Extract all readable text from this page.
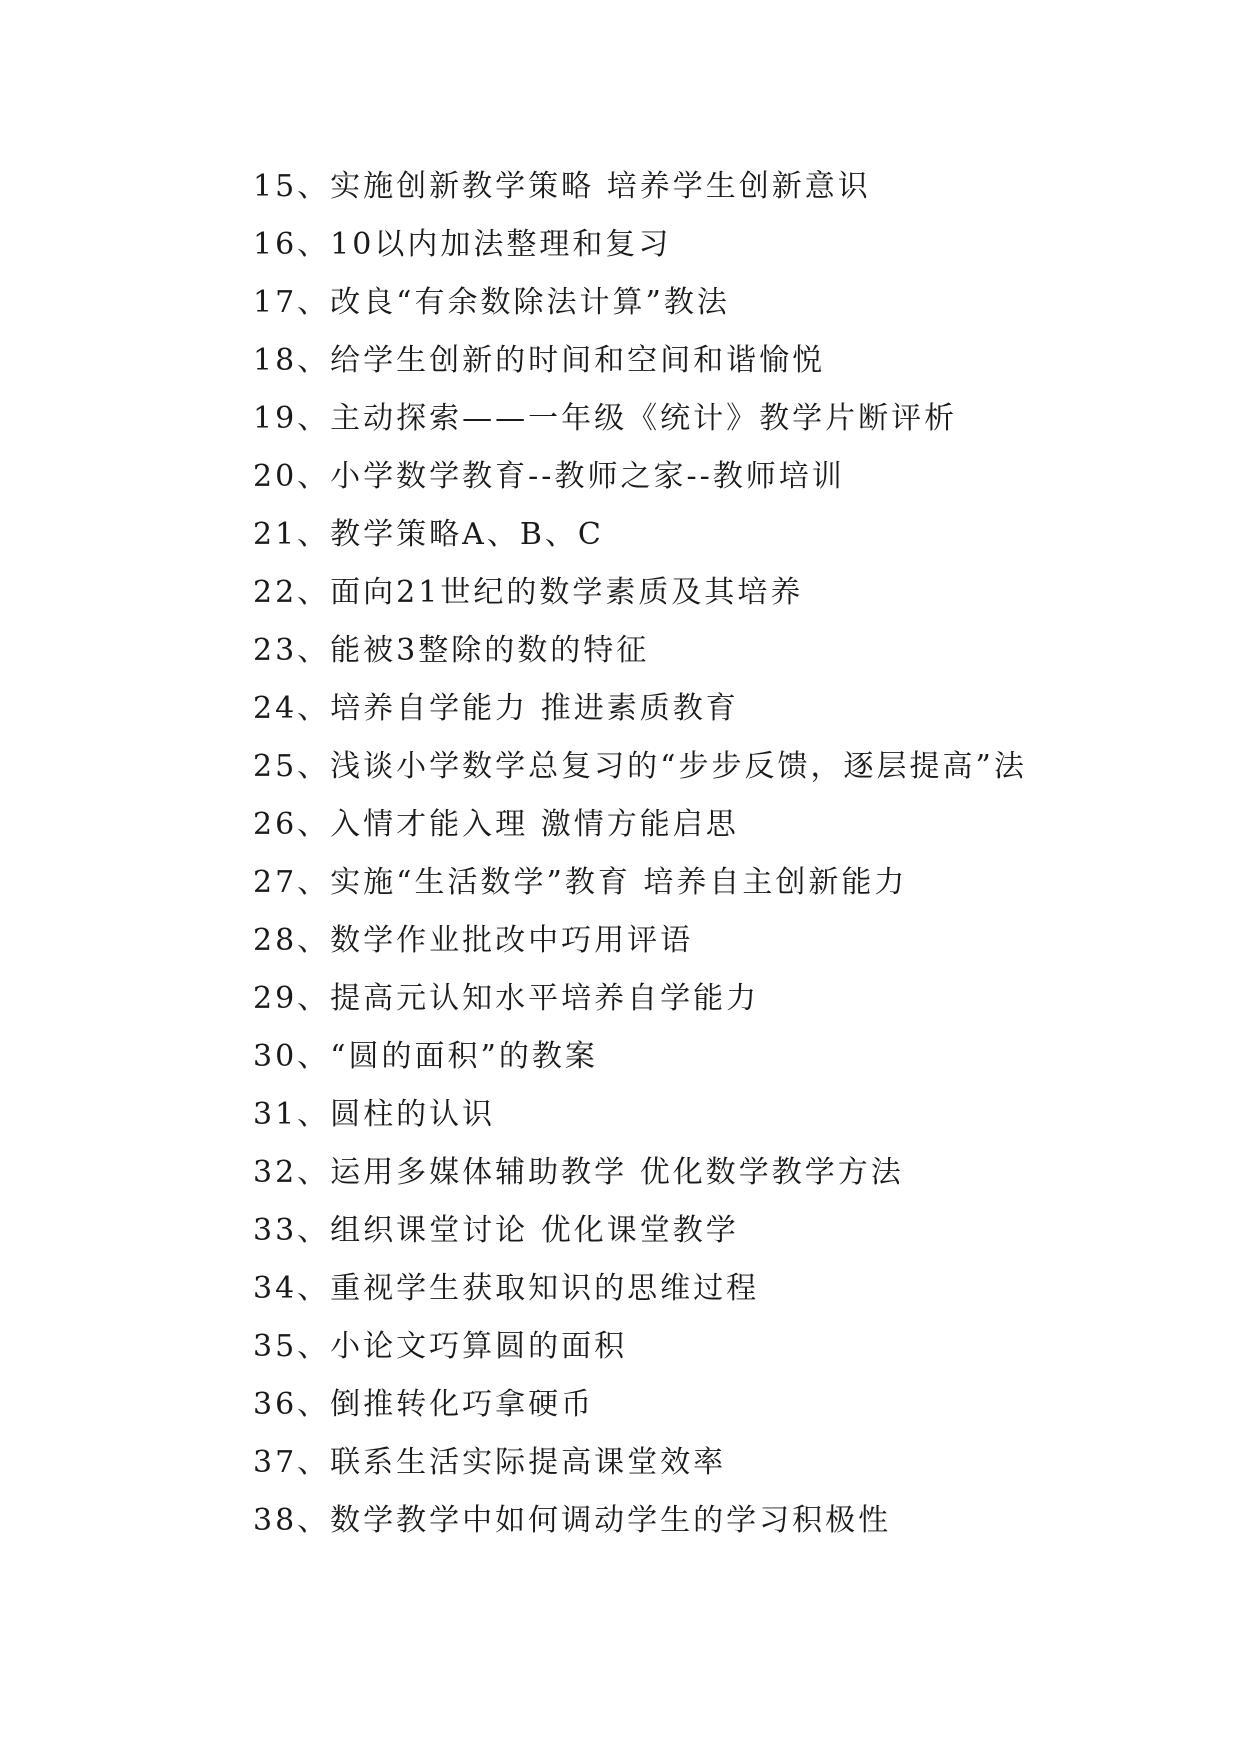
15、实施创新教学策略 培养学生创新意识
16、10以内加法整理和复习
17、改良“有余数除法计算”教法
18、给学生创新的时间和空间和谐愉悦
19、主动探索——一年级《统计》教学片断评析
20、小学数学教育--教师之家--教师培训
21、教学策略A、B、C
22、面向21世纪的数学素质及其培养
23、能被3整除的数的特征
24、培养自学能力 推进素质教育
25、浅谈小学数学总复习的“步步反馈，逐层提高”法
26、入情才能入理 激情方能启思
27、实施“生活数学”教育 培养自主创新能力
28、数学作业批改中巧用评语
29、提高元认知水平培养自学能力
30、“圆的面积”的教案
31、圆柱的认识
32、运用多媒体辅助教学 优化数学教学方法
33、组织课堂讨论 优化课堂教学
34、重视学生获取知识的思维过程
35、小论文巧算圆的面积
36、倒推转化巧拿硬币
37、联系生活实际提高课堂效率
38、数学教学中如何调动学生的学习积极性
